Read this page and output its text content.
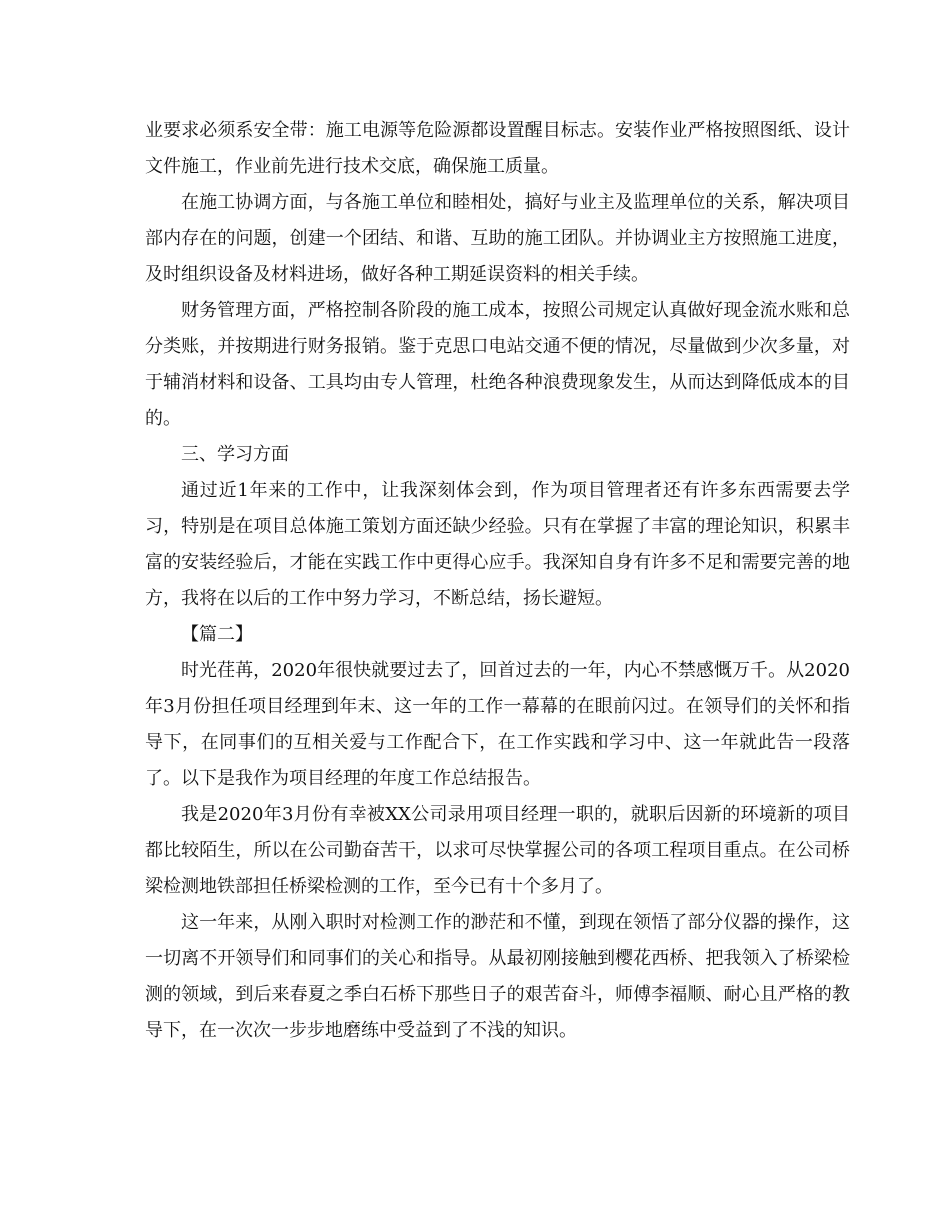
业要求必须系安全带：施工电源等危险源都设置醒目标志。安装作业严格按照图纸、设计文件施工，作业前先进行技术交底，确保施工质量。

在施工协调方面，与各施工单位和睦相处，搞好与业主及监理单位的关系，解决项目部内存在的问题，创建一个团结、和谐、互助的施工团队。并协调业主方按照施工进度，及时组织设备及材料进场，做好各种工期延误资料的相关手续。

财务管理方面，严格控制各阶段的施工成本，按照公司规定认真做好现金流水账和总分类账，并按期进行财务报销。鉴于克思口电站交通不便的情况，尽量做到少次多量，对于辅消材料和设备、工具均由专人管理，杜绝各种浪费现象发生，从而达到降低成本的目的。

三、学习方面

通过近1年来的工作中，让我深刻体会到，作为项目管理者还有许多东西需要去学习，特别是在项目总体施工策划方面还缺少经验。只有在掌握了丰富的理论知识，积累丰富的安装经验后，才能在实践工作中更得心应手。我深知自身有许多不足和需要完善的地方，我将在以后的工作中努力学习，不断总结，扬长避短。

【篇二】

时光荏苒，2020年很快就要过去了，回首过去的一年，内心不禁感慨万千。从2020年3月份担任项目经理到年末、这一年的工作一幕幕的在眼前闪过。在领导们的关怀和指导下，在同事们的互相关爱与工作配合下，在工作实践和学习中、这一年就此告一段落了。以下是我作为项目经理的年度工作总结报告。

我是2020年3月份有幸被XX公司录用项目经理一职的，就职后因新的环境新的项目都比较陌生，所以在公司勤奋苦干，以求可尽快掌握公司的各项工程项目重点。在公司桥梁检测地铁部担任桥梁检测的工作，至今已有十个多月了。

这一年来，从刚入职时对检测工作的渺茫和不懂，到现在领悟了部分仪器的操作，这一切离不开领导们和同事们的关心和指导。从最初刚接触到樱花西桥、把我领入了桥梁检测的领域，到后来春夏之季白石桥下那些日子的艰苦奋斗，师傅李福顺、耐心且严格的教导下，在一次次一步步地磨练中受益到了不浅的知识。
